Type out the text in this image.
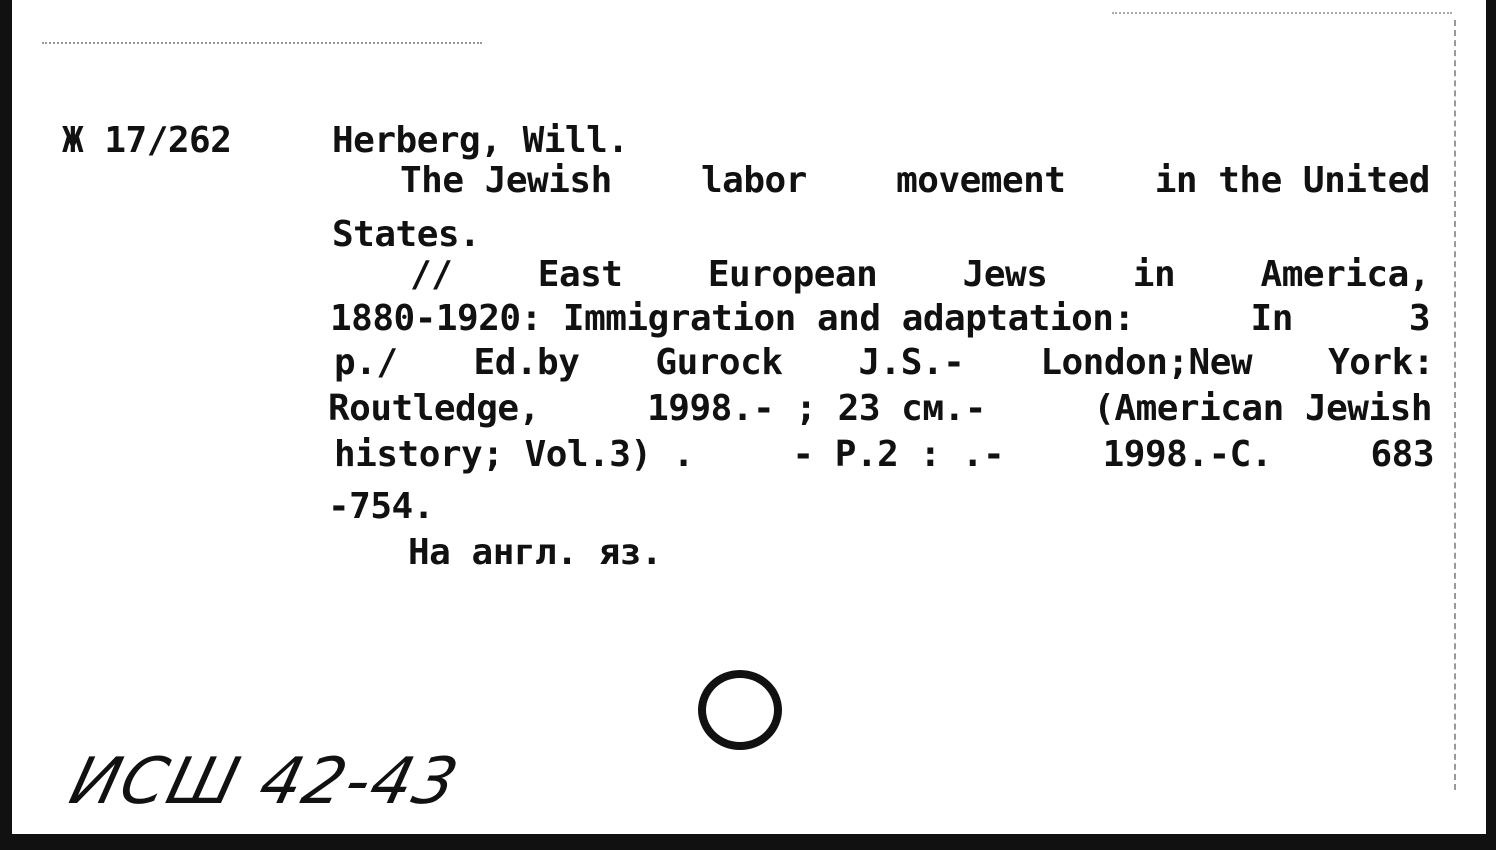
Ж 17/262	Herberg, Will.

The Jewish labor movement in the United

States.

// East European Jews in America,
1880-1920: Immigration and adaptation:	In	3
p./ Ed.by Gurock J.S.- London;New York:
Routledge,	1998.- ; 23 см.-	(American Jewish
history; Vol.3) .	- P.2 : .-	1998.-C.	683

-754.

На англ. яз.

ИСШ 42-43
